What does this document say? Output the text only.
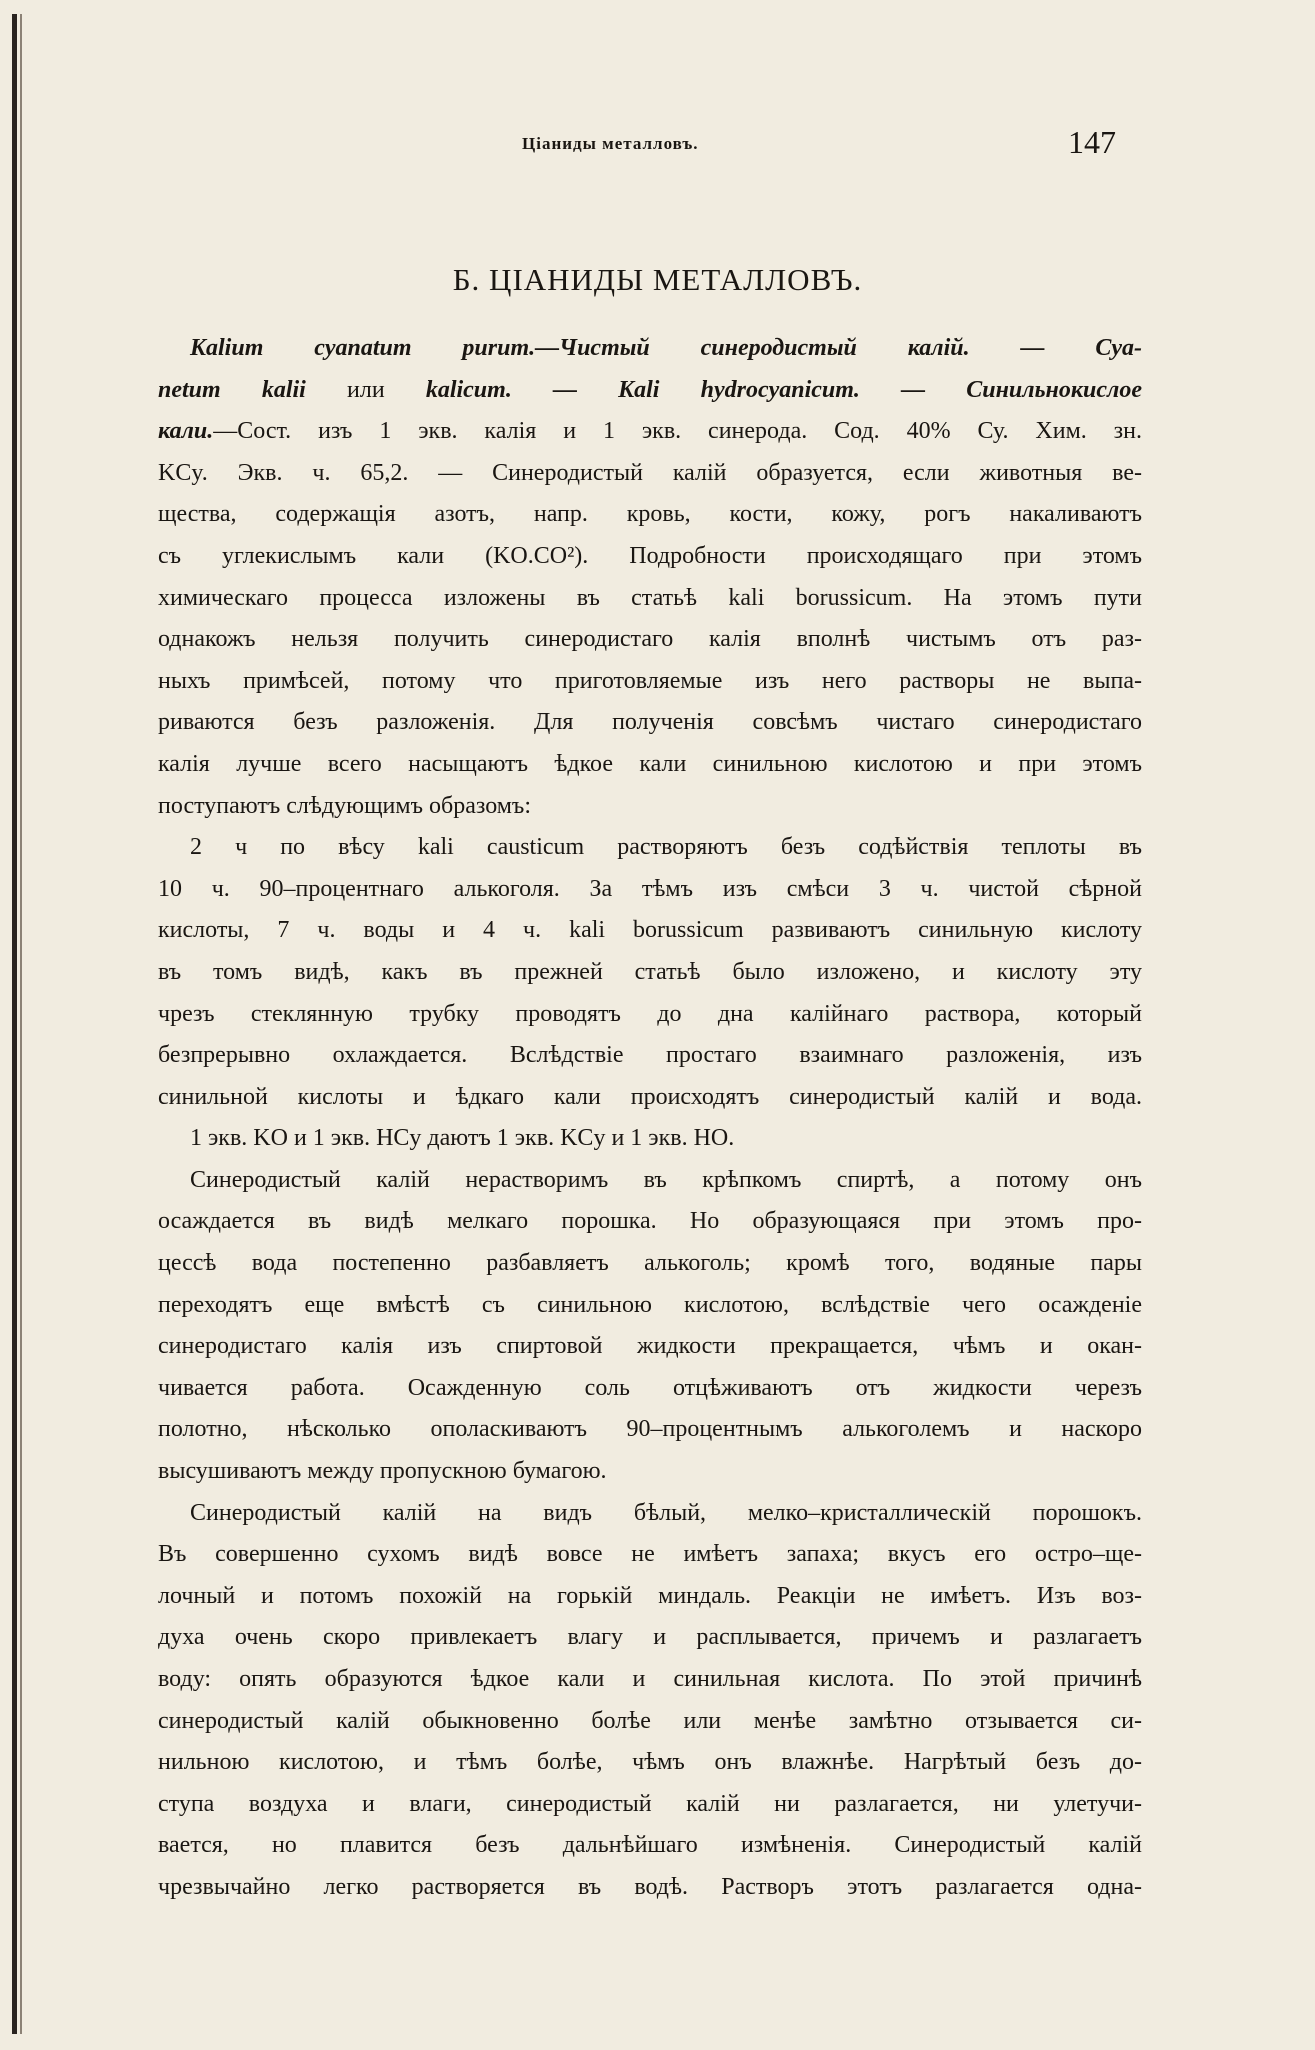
Ціаниды металловъ.	147
Б. ЦІАНИДЫ МЕТАЛЛОВЪ.
Kalium cyanatum purum.—Чистый синеродистый калій. — Cya-
netum kalii или kalicum. — Kali hydrocyanicum. — Синильнокислое
кали.—Сост. изъ 1 экв. калія и 1 экв. синерода. Сод. 40% Су. Хим. зн.
KCy. Экв. ч. 65,2. — Синеродистый калій образуется, если животныя ве-
щества, содержащія азотъ, напр. кровь, кости, кожу, рогъ накаливаютъ
съ углекислымъ кали (KO.CO²). Подробности происходящаго при этомъ
химическаго процесса изложены въ статьѣ kali borussicum. На этомъ пути
однакожъ нельзя получить синеродистаго калія вполнѣ чистымъ отъ раз-
ныхъ примѣсей, потому что приготовляемые изъ него растворы не выпа-
риваются безъ разложенія. Для полученія совсѣмъ чистаго синеродистаго
калія лучше всего насыщаютъ ѣдкое кали синильною кислотою и при этомъ
поступаютъ слѣдующимъ образомъ:
2 ч по вѣсу kali causticum растворяютъ безъ содѣйствія теплоты въ
10 ч. 90–процентнаго алькоголя. За тѣмъ изъ смѣси 3 ч. чистой сѣрной
кислоты, 7 ч. воды и 4 ч. kali borussicum развиваютъ синильную кислоту
въ томъ видѣ, какъ въ прежней статьѣ было изложено, и кислоту эту
чрезъ стеклянную трубку проводятъ до дна калійнаго раствора, который
безпрерывно охлаждается. Вслѣдствіе простаго взаимнаго разложенія, изъ
синильной кислоты и ѣдкаго кали происходятъ синеродистый калій и вода.
1 экв. KO и 1 экв. HCy даютъ 1 экв. KCy и 1 экв. HO.
Синеродистый калій нерастворимъ въ крѣпкомъ спиртѣ, а потому онъ
осаждается въ видѣ мелкаго порошка. Но образующаяся при этомъ про-
цессѣ вода постепенно разбавляетъ алькоголь; кромѣ того, водяные пары
переходятъ еще вмѣстѣ съ синильною кислотою, вслѣдствіе чего осажденіе
синеродистаго калія изъ спиртовой жидкости прекращается, чѣмъ и окан-
чивается работа. Осажденную соль отцѣживаютъ отъ жидкости черезъ
полотно, нѣсколько ополаскиваютъ 90–процентнымъ алькоголемъ и наскоро
высушиваютъ между пропускною бумагою.
Синеродистый калій на видъ бѣлый, мелко–кристаллическій порошокъ.
Въ совершенно сухомъ видѣ вовсе не имѣетъ запаха; вкусъ его остро–ще-
лочный и потомъ похожій на горькій миндаль. Реакціи не имѣетъ. Изъ воз-
духа очень скоро привлекаетъ влагу и расплывается, причемъ и разлагаетъ
воду: опять образуются ѣдкое кали и синильная кислота. По этой причинѣ
синеродистый калій обыкновенно болѣе или менѣе замѣтно отзывается си-
нильною кислотою, и тѣмъ болѣе, чѣмъ онъ влажнѣе. Нагрѣтый безъ до-
ступа воздуха и влаги, синеродистый калій ни разлагается, ни улетучи-
вается, но плавится безъ дальнѣйшаго измѣненія. Синеродистый калій
чрезвычайно легко растворяется въ водѣ. Растворъ этотъ разлагается одна-
